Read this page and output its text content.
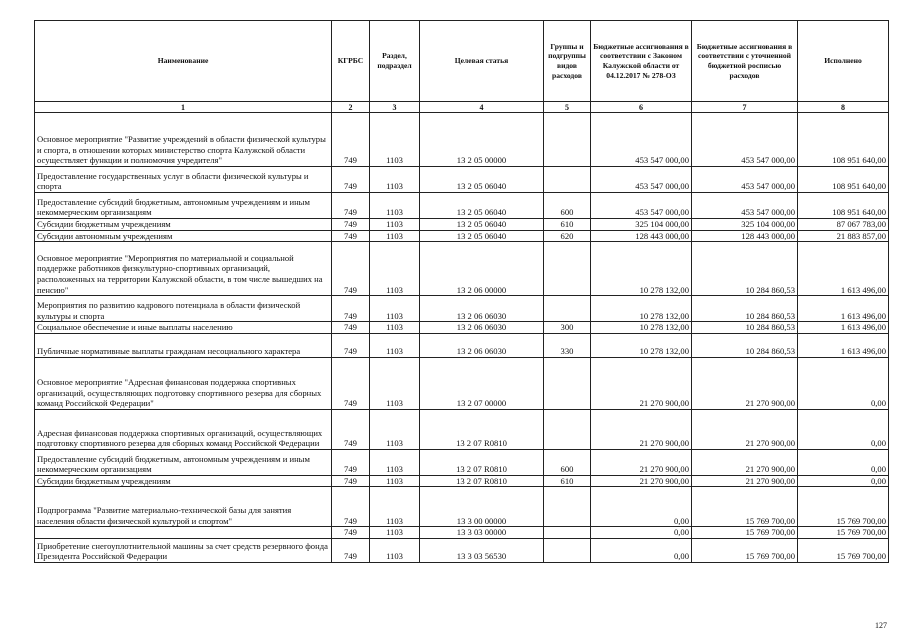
Наименование	КГРБС	Раздел, подраздел	Целевая статья	Группы и подгруппы видов расходов	Бюджетные ассигнования в соответствии с Законом Калужской области от 04.12.2017 № 278-ОЗ	Бюджетные ассигнования в соответствии с уточненной бюджетной росписью расходов	Исполнено
1	2	3	4	5	6	7	8
Основное мероприятие "Развитие учреждений в области физической культуры и спорта, в отношении которых министерство спорта Калужской области осуществляет функции и полномочия учредителя"	749	1103	13 2 05 00000		453 547 000,00	453 547 000,00	108 951 640,00
Предоставление государственных услуг в области физической культуры и спорта	749	1103	13 2 05 06040		453 547 000,00	453 547 000,00	108 951 640,00
Предоставление субсидий бюджетным, автономным учреждениям и иным некоммерческим организациям	749	1103	13 2 05 06040	600	453 547 000,00	453 547 000,00	108 951 640,00
Субсидии бюджетным учреждениям	749	1103	13 2 05 06040	610	325 104 000,00	325 104 000,00	87 067 783,00
Субсидии автономным учреждениям	749	1103	13 2 05 06040	620	128 443 000,00	128 443 000,00	21 883 857,00
Основное мероприятие "Мероприятия по материальной и социальной поддержке работников физкультурно-спортивных организаций, расположенных на территории Калужской области, в том числе вышедших на пенсию"	749	1103	13 2 06 00000		10 278 132,00	10 284 860,53	1 613 496,00
Мероприятия по развитию кадрового потенциала в области физической культуры и спорта	749	1103	13 2 06 06030		10 278 132,00	10 284 860,53	1 613 496,00
Социальное обеспечение и иные выплаты населению	749	1103	13 2 06 06030	300	10 278 132,00	10 284 860,53	1 613 496,00
Публичные нормативные выплаты гражданам несоциального характера	749	1103	13 2 06 06030	330	10 278 132,00	10 284 860,53	1 613 496,00
Основное мероприятие "Адресная финансовая поддержка спортивных организаций, осуществляющих подготовку спортивного резерва для сборных команд Российской Федерации"	749	1103	13 2 07 00000		21 270 900,00	21 270 900,00	0,00
Адресная финансовая поддержка спортивных организаций, осуществляющих подготовку спортивного резерва для сборных команд Российской Федерации	749	1103	13 2 07 R0810		21 270 900,00	21 270 900,00	0,00
Предоставление субсидий бюджетным, автономным учреждениям и иным некоммерческим организациям	749	1103	13 2 07 R0810	600	21 270 900,00	21 270 900,00	0,00
Субсидии бюджетным учреждениям	749	1103	13 2 07 R0810	610	21 270 900,00	21 270 900,00	0,00
Подпрограмма "Развитие материально-технической базы для занятия населения области физической культурой и спортом"	749	1103	13 3 00 00000		0,00	15 769 700,00	15 769 700,00
	749	1103	13 3 03 00000		0,00	15 769 700,00	15 769 700,00
Приобретение снегоуплотнительной машины за счет средств резервного фонда Президента Российской Федерации	749	1103	13 3 03 56530		0,00	15 769 700,00	15 769 700,00
127
